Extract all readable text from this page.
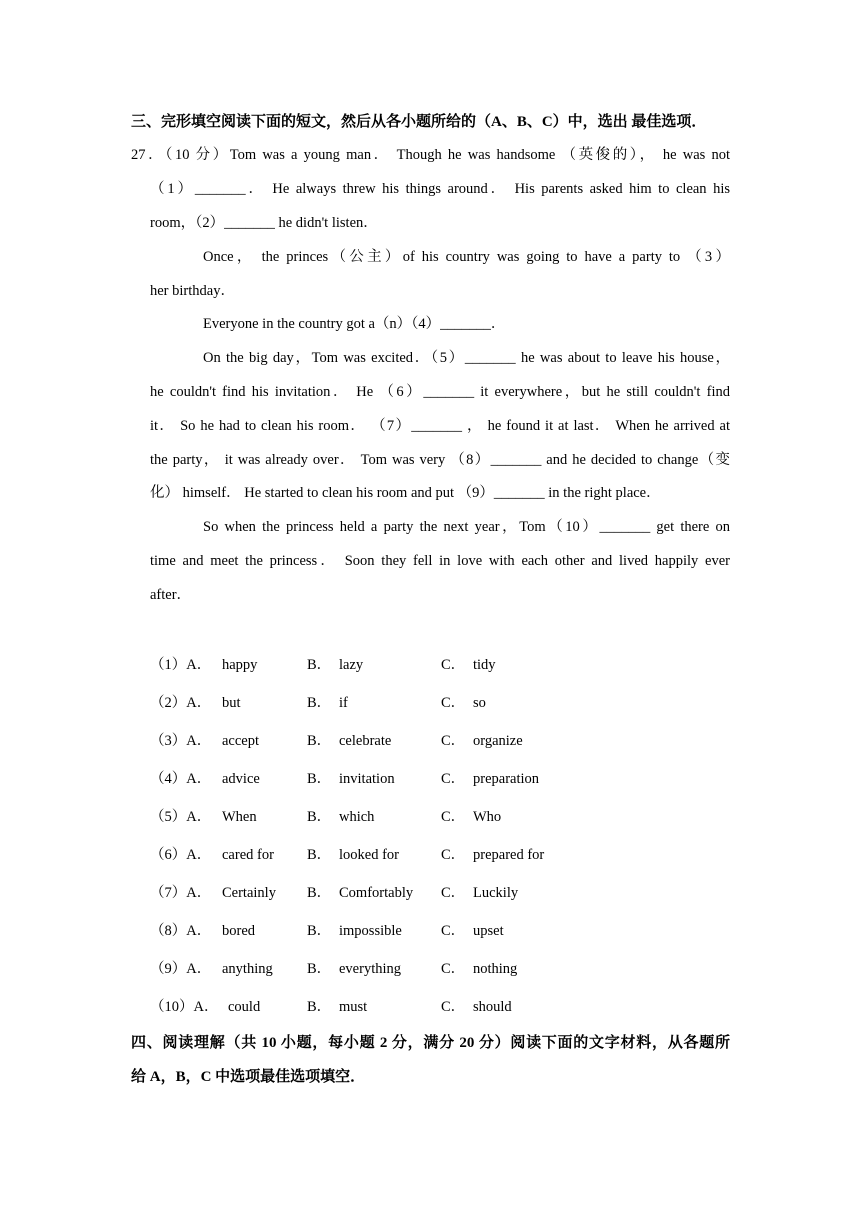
三、完形填空阅读下面的短文，然后从各小题所给的（A、B、C）中，选出 最佳选项．
27．（10 分）Tom was a young man． Though he was handsome （英俊的）， he was not
（1）_______． He always threw his things around． His parents asked him to clean his
room，（2）_______ he didn't listen．
Once， the princes（公主）of his country was going to have a party to （3）
her birthday．
Everyone in the country got a（n）（4）_______．
On the big day，Tom was excited．（5）_______ he was about to leave his house，
he couldn't find his invitation． He （6）_______ it everywhere，but he still couldn't find
it． So he had to clean his room． （7）_______ ， he found it at last． When he arrived at
the party， it was already over． Tom was very （8）_______ and he decided to change（变
化） himself． He started to clean his room and put （9）_______ in the right place．
So when the princess held a party the next year，Tom（10）_______ get there on
time and meet the princess． Soon they fell in love with each other and lived happily ever
after．
（1）A． happy	B． lazy	C． tidy
（2）A． but	B． if	C． so
（3）A． accept	B． celebrate	C． organize
（4）A． advice	B． invitation	C． preparation
（5）A． When	B． which	C． Who
（6）A． cared for B． looked for	C． prepared for
（7）A． Certainly B． Comfortably C． Luckily
（8）A． bored	B． impossible	C． upset
（9）A． anything B． everything	C． nothing
（10）A． could	B． must	C． should
四、阅读理解（共 10 小题，每小题 2 分，满分 20 分）阅读下面的文字材料，从各题所
给 A，B，C 中选项最佳选项填空．
